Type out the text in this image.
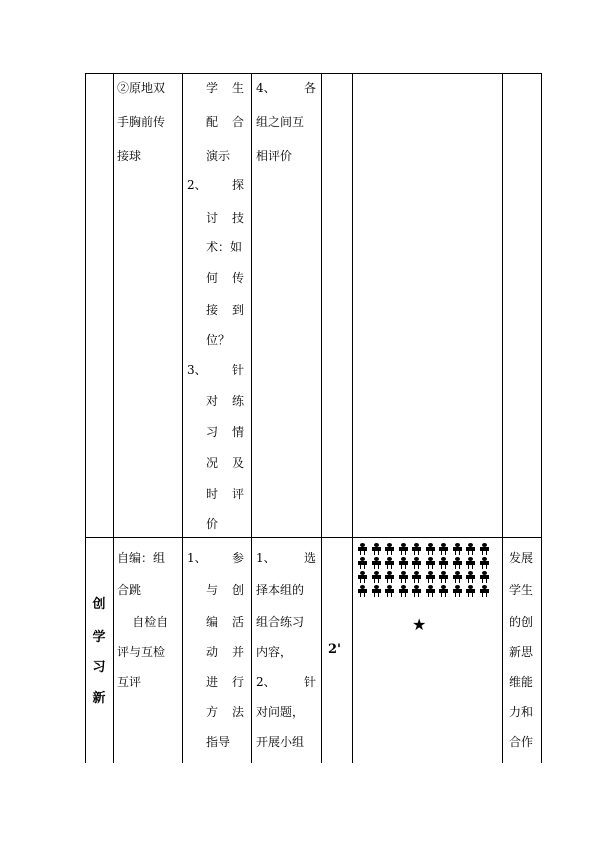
②原地双
手胸前传
接球
学 生
配 合
演示
2、 探
讨 技
术：如
何 传
接 到
位？
3、 针
对 练
习 情
况 及
时 评
价
4、 各
组之间互
相评价
创
学
习
新
自编：组
合跳
自检自
评与互检
互评
1、 参
与 创
编 活
动 并
进 行
方 法
指导
1、 选
择本组的
组合练习
内容，
2、 针
对问题，
开展小组
2'
★
发展
学生
的创
新思
维能
力和
合作
